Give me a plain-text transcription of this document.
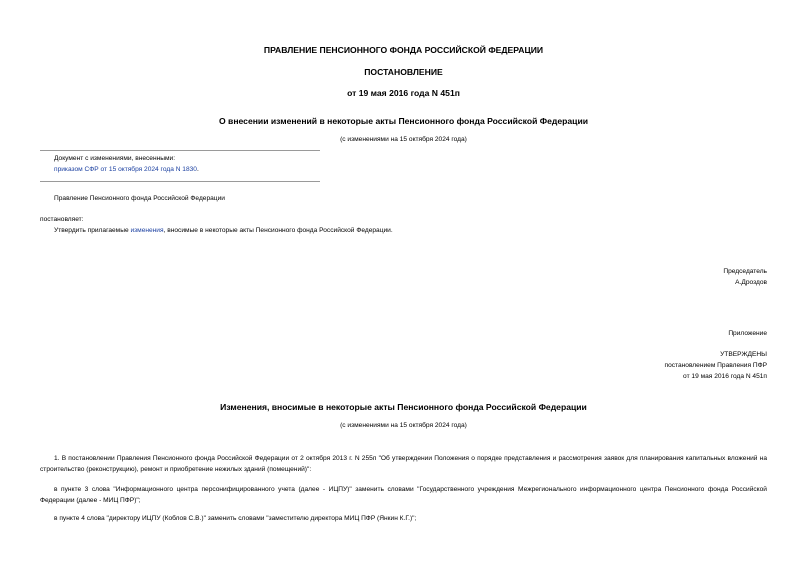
ПРАВЛЕНИЕ ПЕНСИОННОГО ФОНДА РОССИЙСКОЙ ФЕДЕРАЦИИ
ПОСТАНОВЛЕНИЕ
от 19 мая 2016 года N 451п
О внесении изменений в некоторые акты Пенсионного фонда Российской Федерации
(с изменениями на 15 октября 2024 года)
Документ с изменениями, внесенными:
приказом СФР от 15 октября 2024 года N 1830.
Правление Пенсионного фонда Российской Федерации
постановляет:
Утвердить прилагаемые изменения, вносимые в некоторые акты Пенсионного фонда Российской Федерации.
Председатель
А.Дроздов
Приложение
УТВЕРЖДЕНЫ
постановлением Правления ПФР
от 19 мая 2016 года N 451п
Изменения, вносимые в некоторые акты Пенсионного фонда Российской Федерации
(с изменениями на 15 октября 2024 года)
1. В постановлении Правления Пенсионного фонда Российской Федерации от 2 октября 2013 г. N 255п "Об утверждении Положения о порядке представления и рассмотрения заявок для планирования капитальных вложений на строительство (реконструкцию), ремонт и приобретение нежилых зданий (помещений)":
в пункте 3 слова "Информационного центра персонифицированного учета (далее - ИЦПУ)" заменить словами "Государственного учреждения Межрегионального информационного центра Пенсионного фонда Российской Федерации (далее - МИЦ ПФР)";
в пункте 4 слова "директору ИЦПУ (Коблов С.В.)" заменить словами "заместителю директора МИЦ ПФР (Янкин К.Г.)";
